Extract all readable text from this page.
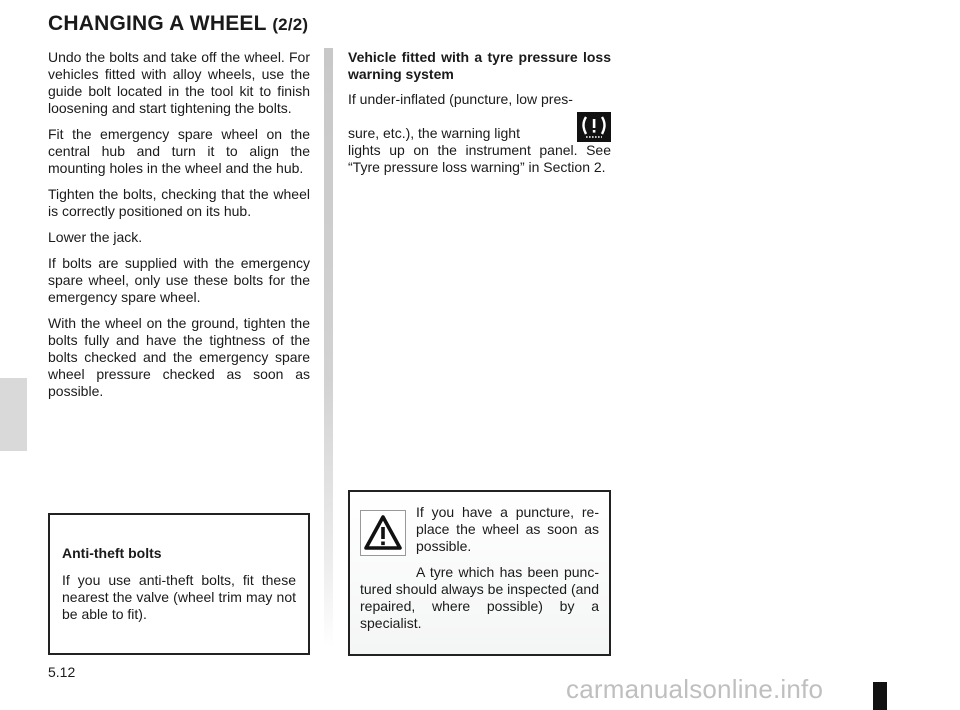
CHANGING A WHEEL (2/2)

Undo the bolts and take off the wheel. For vehicles fitted with alloy wheels, use the guide bolt located in the tool kit to finish loosening and start tightening the bolts.

Fit the emergency spare wheel on the central hub and turn it to align the mounting holes in the wheel and the hub.

Tighten the bolts, checking that the wheel is correctly positioned on its hub.

Lower the jack.

If bolts are supplied with the emergency spare wheel, only use these bolts for the emergency spare wheel.

With the wheel on the ground, tighten the bolts fully and have the tightness of the bolts checked and the emergency spare wheel pressure checked as soon as possible.

Vehicle fitted with a tyre pressure loss warning system

If under-inflated (puncture, low pres-

sure, etc.), the warning light

lights up on the instrument panel. See “Tyre pressure loss warning” in Section 2.

Anti-theft bolts

If you use anti-theft bolts, fit these nearest the valve (wheel trim may not be able to fit).

If you have a puncture, re-place the wheel as soon as possible.

A tyre which has been punc-tured should always be inspected (and repaired, where possible) by a specialist.

5.12
carmanualsonline.info
